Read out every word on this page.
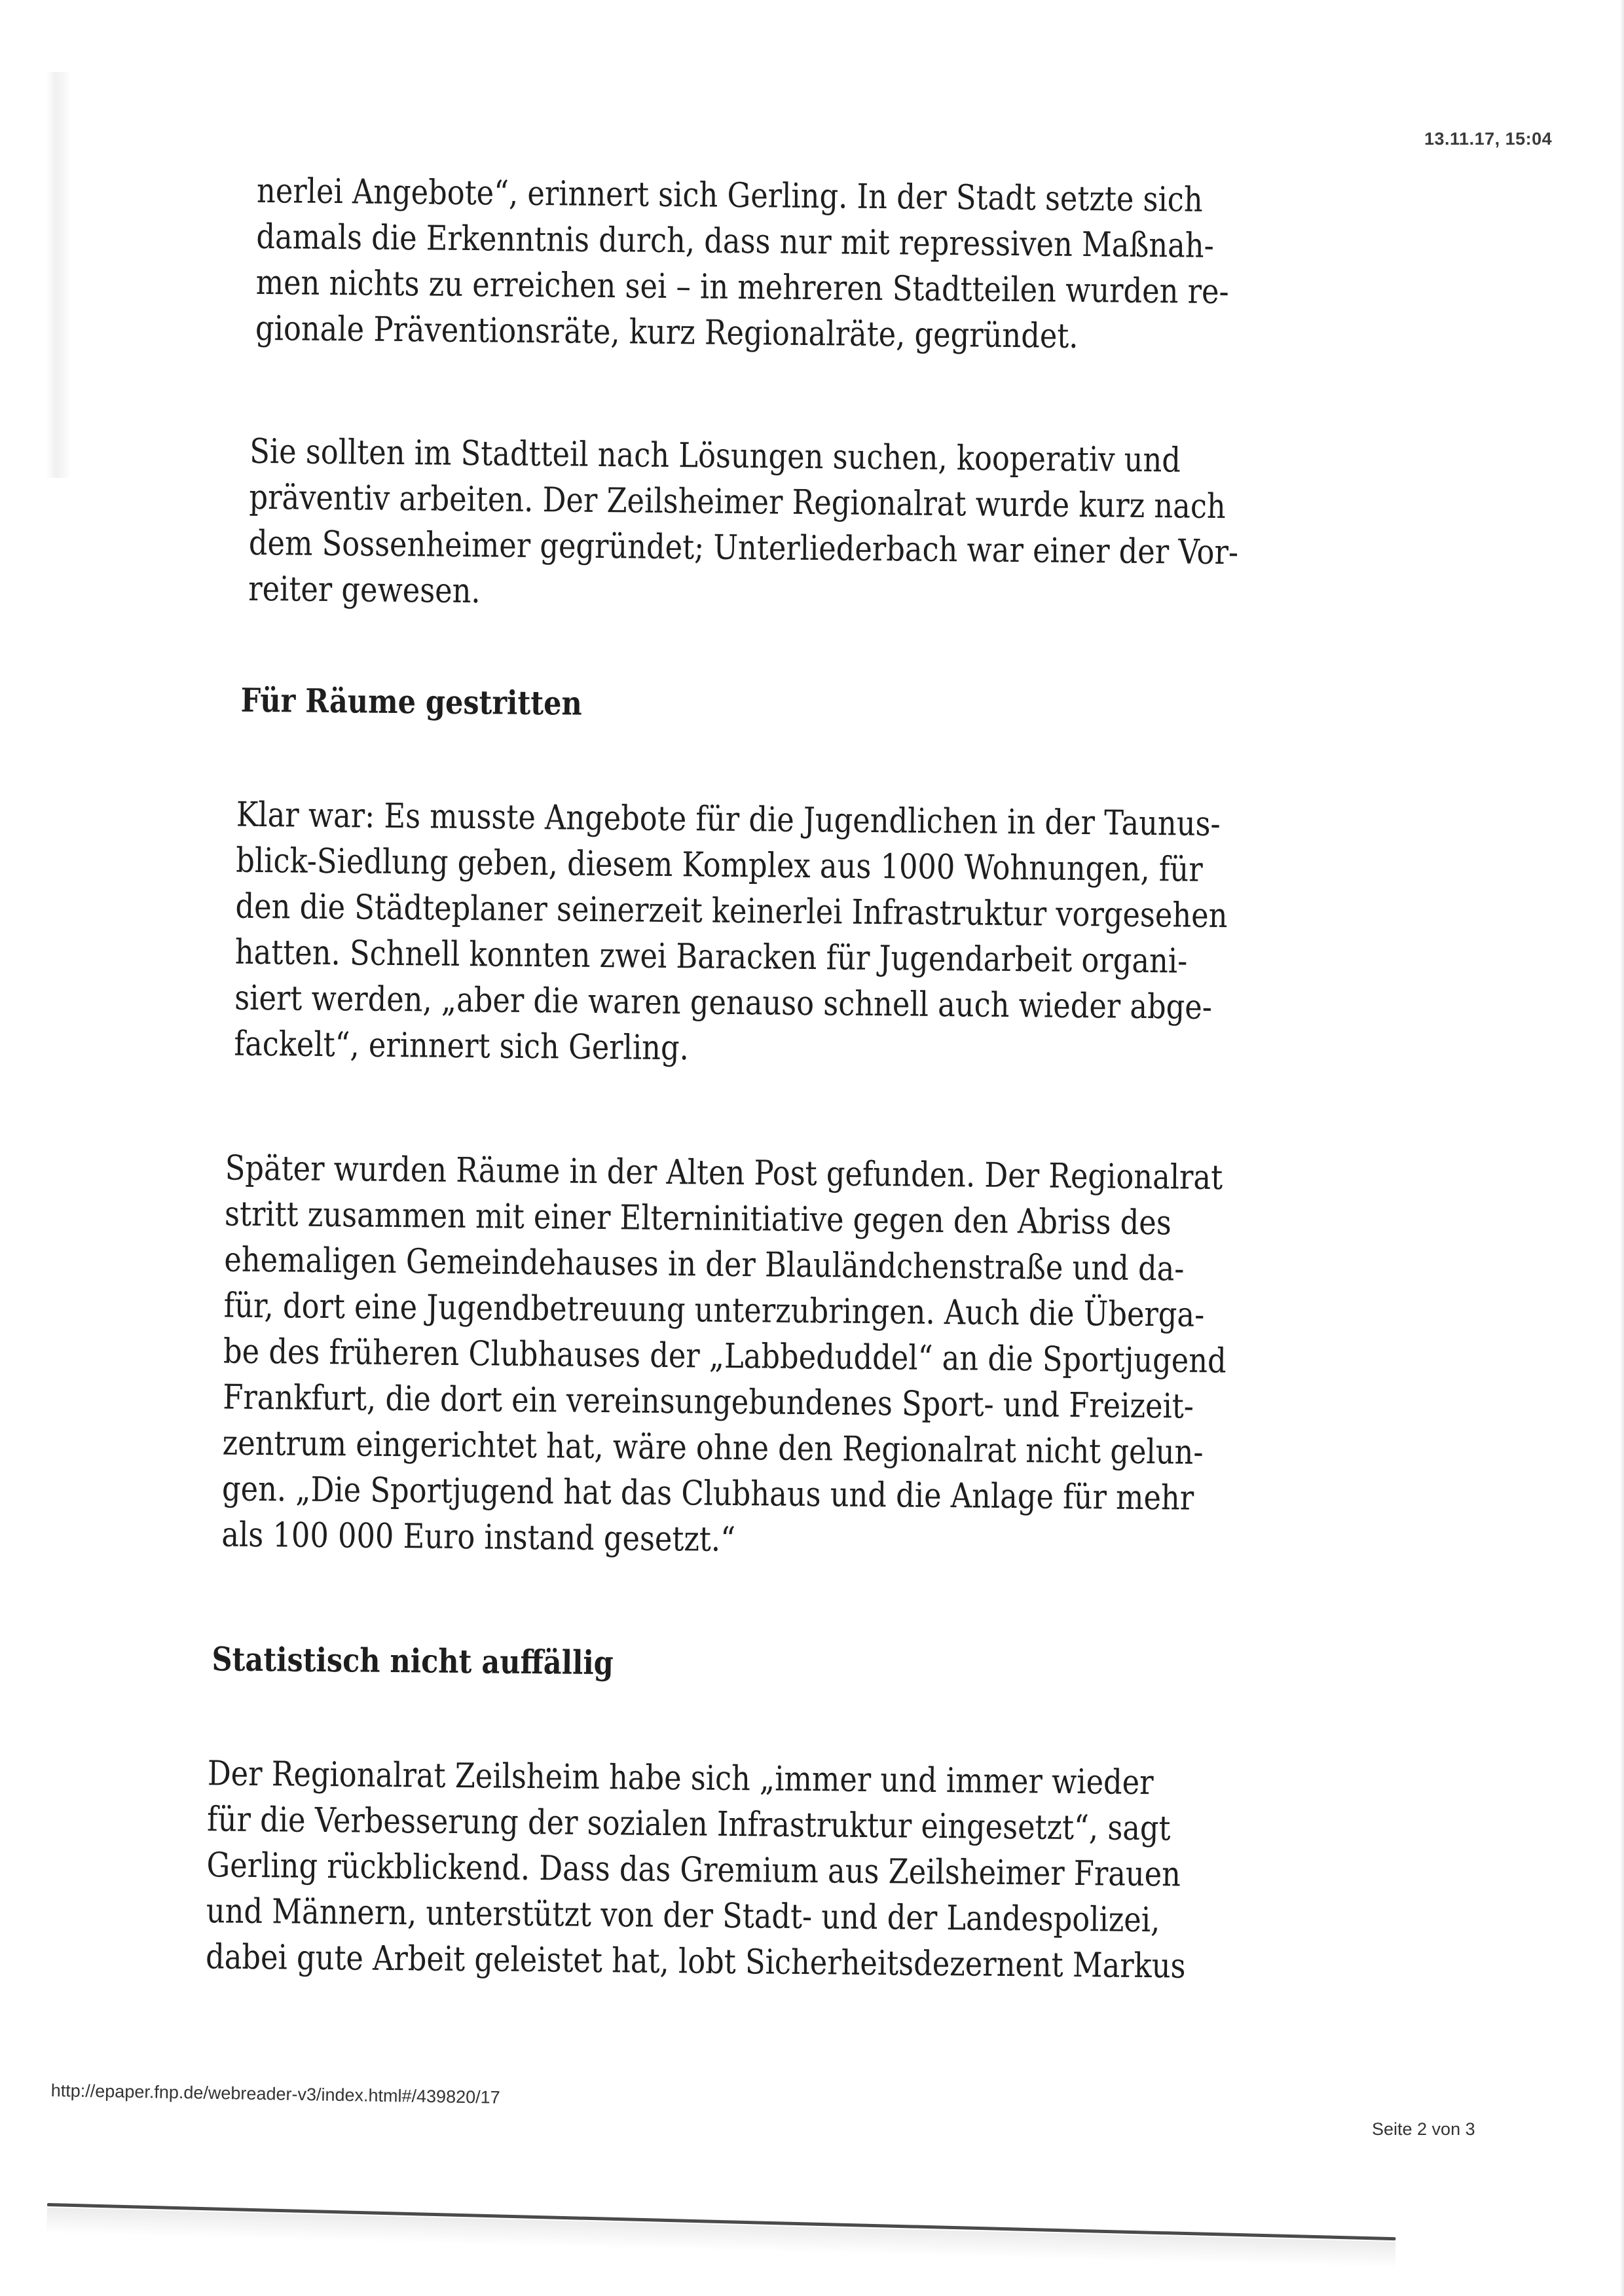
13.11.17, 15:04
nerlei Angebote“, erinnert sich Gerling. In der Stadt setzte sich
damals die Erkenntnis durch, dass nur mit repressiven Maßnah-
men nichts zu erreichen sei – in mehreren Stadtteilen wurden re-
gionale Präventionsräte, kurz Regionalräte, gegründet.
Sie sollten im Stadtteil nach Lösungen suchen, kooperativ und
präventiv arbeiten. Der Zeilsheimer Regionalrat wurde kurz nach
dem Sossenheimer gegründet; Unterliederbach war einer der Vor-
reiter gewesen.
Für Räume gestritten
Klar war: Es musste Angebote für die Jugendlichen in der Taunus-
blick-Siedlung geben, diesem Komplex aus 1000 Wohnungen, für
den die Städteplaner seinerzeit keinerlei Infrastruktur vorgesehen
hatten. Schnell konnten zwei Baracken für Jugendarbeit organi-
siert werden, „aber die waren genauso schnell auch wieder abge-
fackelt“, erinnert sich Gerling.
Später wurden Räume in der Alten Post gefunden. Der Regionalrat
stritt zusammen mit einer Elterninitiative gegen den Abriss des
ehemaligen Gemeindehauses in der Blauländchenstraße und da-
für, dort eine Jugendbetreuung unterzubringen. Auch die Überga-
be des früheren Clubhauses der „Labbeduddel“ an die Sportjugend
Frankfurt, die dort ein vereinsungebundenes Sport- und Freizeit-
zentrum eingerichtet hat, wäre ohne den Regionalrat nicht gelun-
gen. „Die Sportjugend hat das Clubhaus und die Anlage für mehr
als 100 000 Euro instand gesetzt.“
Statistisch nicht auffällig
Der Regionalrat Zeilsheim habe sich „immer und immer wieder
für die Verbesserung der sozialen Infrastruktur eingesetzt“, sagt
Gerling rückblickend. Dass das Gremium aus Zeilsheimer Frauen
und Männern, unterstützt von der Stadt- und der Landespolizei,
dabei gute Arbeit geleistet hat, lobt Sicherheitsdezernent Markus
http://epaper.fnp.de/webreader-v3/index.html#/439820/17
Seite 2 von 3
